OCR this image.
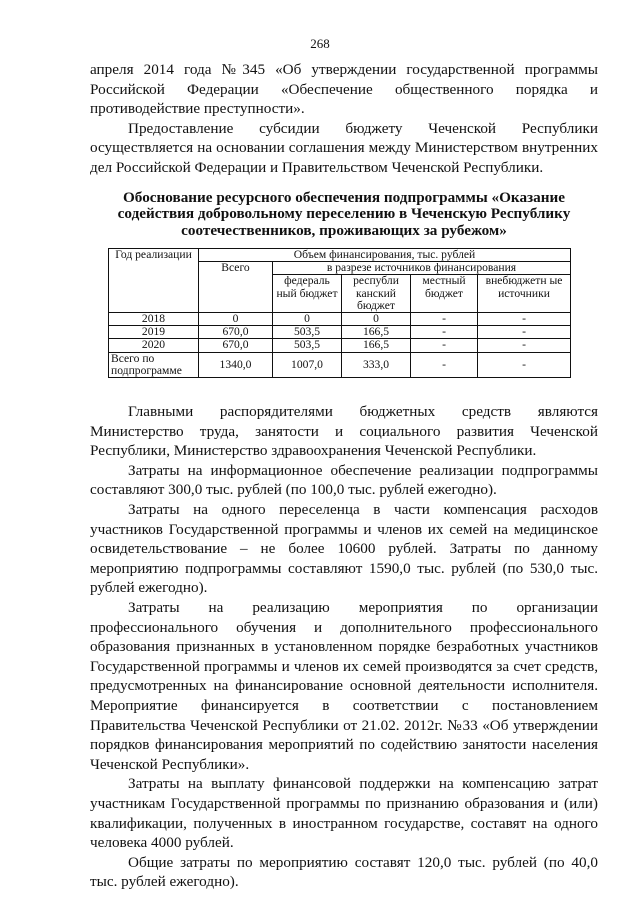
268

апреля 2014 года №345 «Об утверждении государственной программы Российской Федерации «Обеспечение общественного порядка и противодействие преступности».

Предоставление субсидии бюджету Чеченской Республики осуществляется на основании соглашения между Министерством внутренних дел Российской Федерации и Правительством Чеченской Республики.

Обоснование ресурсного обеспечения подпрограммы «Оказание содействия добровольному переселению в Чеченскую Республику соотечественников, проживающих за рубежом»
Год реализации	Объем финансирования, тыс. рублей				
	Всего	в разрезе источников финансирования			
		федераль ный бюджет	республи канский бюджет	местный бюджет	внебюджетн ые источники
2018	0	0	0	-	-
2019	670,0	503,5	166,5	-	-
2020	670,0	503,5	166,5	-	-
Всего по подпрограмме	1340,0	1007,0	333,0	-	-

Главными распорядителями бюджетных средств являются Министерство труда, занятости и социального развития Чеченской Республики, Министерство здравоохранения Чеченской Республики.

Затраты на информационное обеспечение реализации подпрограммы составляют 300,0 тыс. рублей (по 100,0 тыс. рублей ежегодно).

Затраты на одного переселенца в части компенсация расходов участников Государственной программы и членов их семей на медицинское освидетельствование – не более 10600 рублей. Затраты по данному мероприятию подпрограммы составляют 1590,0 тыс. рублей (по 530,0 тыс. рублей ежегодно).

Затраты на реализацию мероприятия по организации профессионального обучения и дополнительного профессионального образования признанных в установленном порядке безработных участников Государственной программы и членов их семей производятся за счет средств, предусмотренных на финансирование основной деятельности исполнителя. Мероприятие финансируется в соответствии с постановлением Правительства Чеченской Республики от 21.02. 2012г. №33 «Об утверждении порядков финансирования мероприятий по содействию занятости населения Чеченской Республики».

Затраты на выплату финансовой поддержки на компенсацию затрат участникам Государственной программы по признанию образования и (или) квалификации, полученных в иностранном государстве, составят на одного человека 4000 рублей.

Общие затраты по мероприятию составят 120,0 тыс. рублей (по 40,0 тыс. рублей ежегодно).
